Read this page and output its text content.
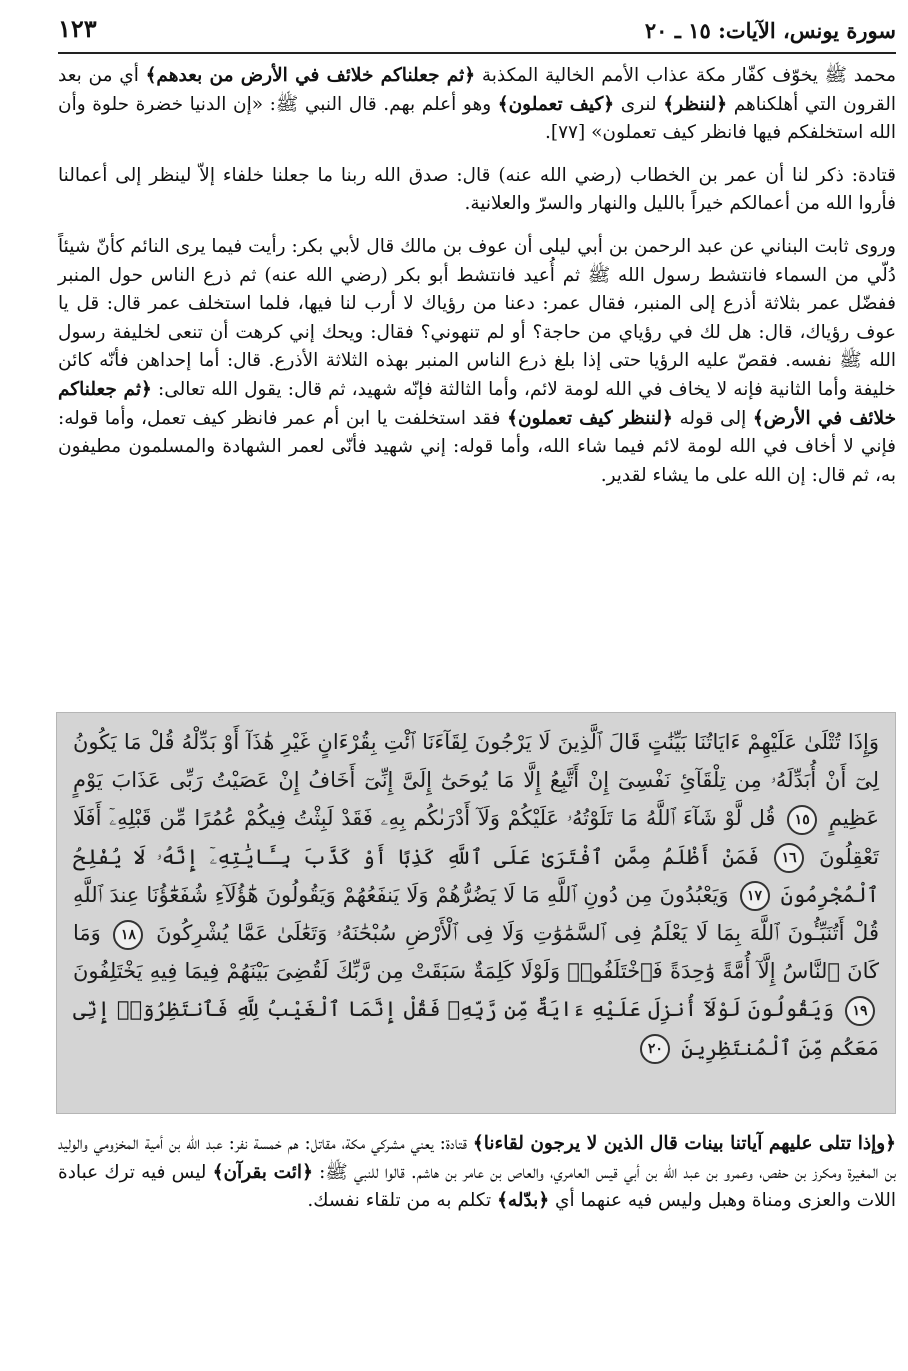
سورة يونس، الآيات: ١٥ ـ ٢٠
١٢٣

محمد ﷺ يخوّف كفّار مكة عذاب الأمم الخالية المكذبة ﴿ثم جعلناكم خلائف في الأرض من بعدهم﴾ أي من بعد القرون التي أهلكناهم ﴿لننظر﴾ لنرى ﴿كيف تعملون﴾ وهو أعلم بهم. قال النبي ﷺ: «إن الدنيا خضرة حلوة وأن الله استخلفكم فيها فانظر كيف تعملون» [٧٧].

قتادة: ذكر لنا أن عمر بن الخطاب (رضي الله عنه) قال: صدق الله ربنا ما جعلنا خلفاء إلاّ لينظر إلى أعمالنا فأروا الله من أعمالكم خيراً بالليل والنهار والسرّ والعلانية.

وروى ثابت البناني عن عبد الرحمن بن أبي ليلى أن عوف بن مالك قال لأبي بكر: رأيت فيما يرى النائم كأنّ شيئاً دُلّي من السماء فانتشط رسول الله ﷺ ثم أُعيد فانتشط أبو بكر (رضي الله عنه) ثم ذرع الناس حول المنبر ففضّل عمر بثلاثة أذرع إلى المنبر، فقال عمر: دعنا من رؤياك لا أرب لنا فيها، فلما استخلف عمر قال: قل يا عوف رؤياك، قال: هل لك في رؤياي من حاجة؟ أو لم تنهوني؟ فقال: ويحك إني كرهت أن تنعى لخليفة رسول الله ﷺ نفسه. فقصّ عليه الرؤيا حتى إذا بلغ ذرع الناس المنبر بهذه الثلاثة الأذرع. قال: أما إحداهن فأنّه كائن خليفة وأما الثانية فإنه لا يخاف في الله لومة لائم، وأما الثالثة فإنّه شهيد، ثم قال: يقول الله تعالى: ﴿ثم جعلناكم خلائف في الأرض﴾ إلى قوله ﴿لننظر كيف تعملون﴾ فقد استخلفت يا ابن أم عمر فانظر كيف تعمل، وأما قوله: فإني لا أخاف في الله لومة لائم فيما شاء الله، وأما قوله: إني شهيد فأنّى لعمر الشهادة والمسلمون مطيفون به، ثم قال: إن الله على ما يشاء لقدير.

وَإِذَا تُتْلَىٰ عَلَيْهِمْ ءَايَاتُنَا بَيِّنَٰتٍ قَالَ ٱلَّذِينَ لَا يَرْجُونَ لِقَآءَنَا ٱئْتِ بِقُرْءَانٍ غَيْرِ هَٰذَآ أَوْ بَدِّلْهُ قُلْ مَا يَكُونُ لِىٓ أَنْ أُبَدِّلَهُۥ مِن تِلْقَآئِ نَفْسِىٓ إِنْ أَتَّبِعُ إِلَّا مَا يُوحَىٰٓ إِلَىَّ إِنِّىٓ أَخَافُ إِنْ عَصَيْتُ رَبِّى عَذَابَ يَوْمٍ عَظِيمٍ ١٥ قُل لَّوْ شَآءَ ٱللَّهُ مَا تَلَوْتُهُۥ عَلَيْكُمْ وَلَآ أَدْرَىٰكُم بِهِۦ فَقَدْ لَبِثْتُ فِيكُمْ عُمُرًا مِّن قَبْلِهِۦٓ أَفَلَا تَعْقِلُونَ ١٦ فَمَنْ أَظْلَمُ مِمَّنِ ٱفْتَرَىٰ عَلَى ٱللَّهِ كَذِبًا أَوْ كَذَّبَ بِـَٔايَٰتِهِۦٓ إِنَّهُۥ لَا يُفْلِحُ ٱلْمُجْرِمُونَ ١٧ وَيَعْبُدُونَ مِن دُونِ ٱللَّهِ مَا لَا يَضُرُّهُمْ وَلَا يَنفَعُهُمْ وَيَقُولُونَ هَٰٓؤُلَآءِ شُفَعَٰٓؤُنَا عِندَ ٱللَّهِ قُلْ أَتُنَبِّـُٔونَ ٱللَّهَ بِمَا لَا يَعْلَمُ فِى ٱلسَّمَٰوَٰتِ وَلَا فِى ٱلْأَرْضِ سُبْحَٰنَهُۥ وَتَعَٰلَىٰ عَمَّا يُشْرِكُونَ ١٨ وَمَا كَانَ ٱلنَّاسُ إِلَّآ أُمَّةً وَٰحِدَةً فَٱخْتَلَفُوا۟ وَلَوْلَا كَلِمَةٌ سَبَقَتْ مِن رَّبِّكَ لَقُضِىَ بَيْنَهُمْ فِيمَا فِيهِ يَخْتَلِفُونَ ١٩ وَيَقُولُونَ لَوْلَآ أُنزِلَ عَلَيْهِ ءَايَةٌ مِّن رَّبِّهِۦ فَقُلْ إِنَّمَا ٱلْغَيْبُ لِلَّهِ فَٱنتَظِرُوٓا۟ إِنِّى مَعَكُم مِّنَ ٱلْمُنتَظِرِينَ ٢٠

﴿وإذا تتلى عليهم آياتنا بينات قال الذين لا يرجون لقاءنا﴾ قتادة: يعني مشركي مكة، مقاتل: هم خمسة نفر: عبد الله بن أمية المخزومي والوليد بن المغيرة ومكرز بن حفص، وعمرو بن عبد الله بن أبي قيس العامري، والعاص بن عامر بن هاشم. قالوا للنبي ﷺ: ﴿ائت بقرآن﴾ ليس فيه ترك عبادة اللات والعزى ومناة وهبل وليس فيه عنهما أي ﴿بدّله﴾ تكلم به من تلقاء نفسك.
